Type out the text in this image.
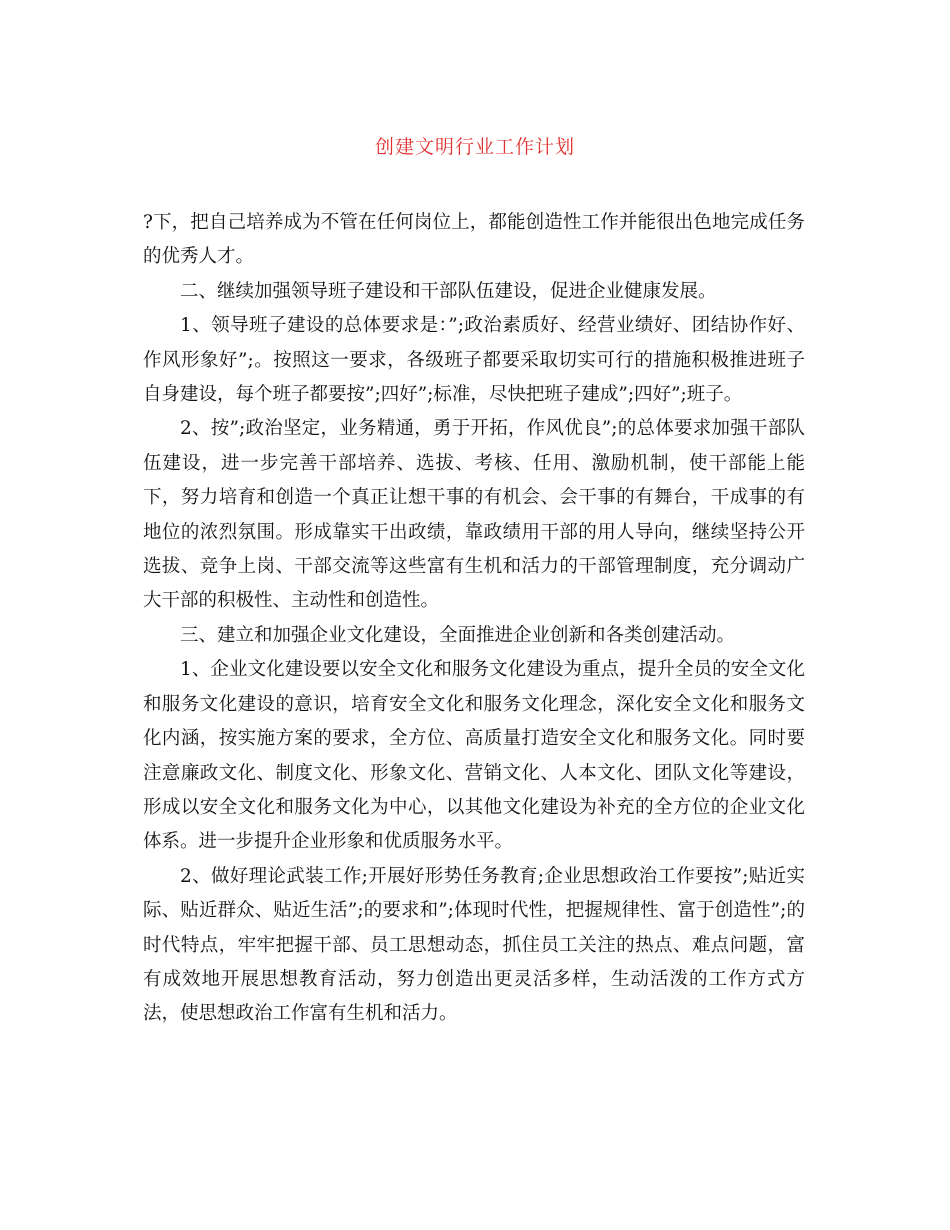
创建文明行业工作计划

?下，把自己培养成为不管在任何岗位上，都能创造性工作并能很出色地完成任务的优秀人才。

二、继续加强领导班子建设和干部队伍建设，促进企业健康发展。

1、领导班子建设的总体要求是：”;政治素质好、经营业绩好、团结协作好、作风形象好”;。按照这一要求，各级班子都要采取切实可行的措施积极推进班子自身建设，每个班子都要按”;四好”;标准，尽快把班子建成”;四好”;班子。

2、按”;政治坚定，业务精通，勇于开拓，作风优良”;的总体要求加强干部队伍建设，进一步完善干部培养、选拔、考核、任用、激励机制，使干部能上能下，努力培育和创造一个真正让想干事的有机会、会干事的有舞台，干成事的有地位的浓烈氛围。形成靠实干出政绩，靠政绩用干部的用人导向，继续坚持公开选拔、竞争上岗、干部交流等这些富有生机和活力的干部管理制度，充分调动广大干部的积极性、主动性和创造性。

三、建立和加强企业文化建设，全面推进企业创新和各类创建活动。

1、企业文化建设要以安全文化和服务文化建设为重点，提升全员的安全文化和服务文化建设的意识，培育安全文化和服务文化理念，深化安全文化和服务文化内涵，按实施方案的要求，全方位、高质量打造安全文化和服务文化。同时要注意廉政文化、制度文化、形象文化、营销文化、人本文化、团队文化等建设，形成以安全文化和服务文化为中心，以其他文化建设为补充的全方位的企业文化体系。进一步提升企业形象和优质服务水平。

2、做好理论武装工作;开展好形势任务教育;企业思想政治工作要按”;贴近实际、贴近群众、贴近生活”;的要求和”;体现时代性，把握规律性、富于创造性”;的时代特点，牢牢把握干部、员工思想动态，抓住员工关注的热点、难点问题，富有成效地开展思想教育活动，努力创造出更灵活多样，生动活泼的工作方式方法，使思想政治工作富有生机和活力。
